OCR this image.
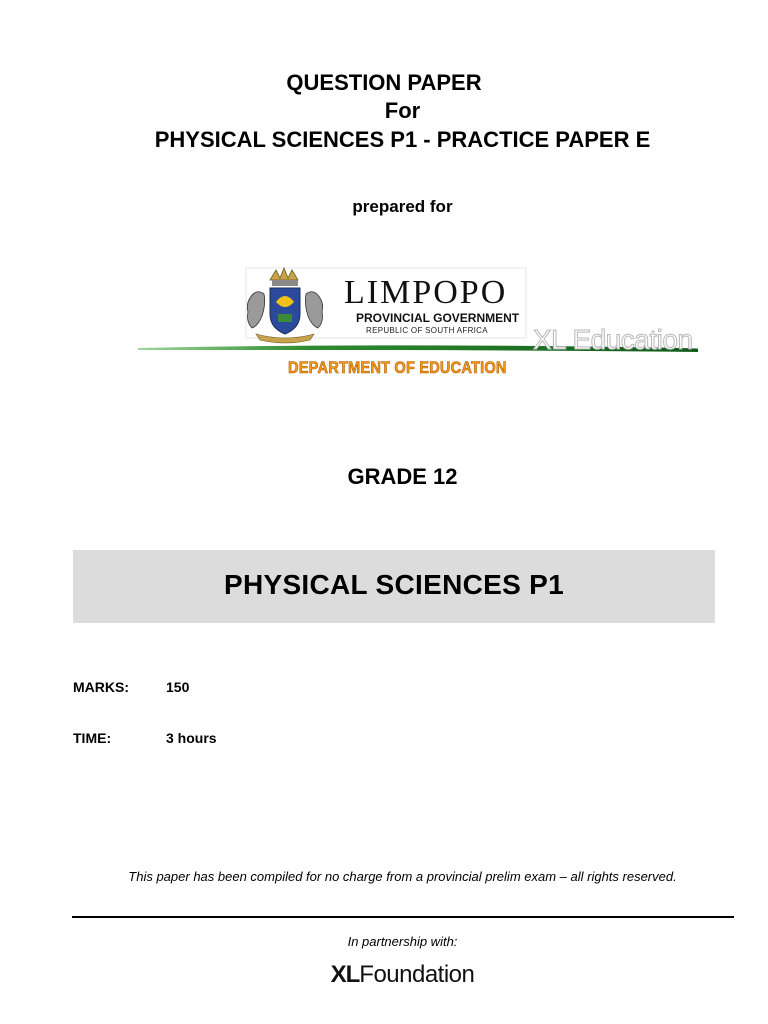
QUESTION PAPER
For
PHYSICAL SCIENCES P1 - PRACTICE PAPER E
prepared for
LIMPOPO
PROVINCIAL GOVERNMENT
REPUBLIC OF SOUTH AFRICA XL Education
DEPARTMENT OF EDUCATION
GRADE 12
PHYSICAL SCIENCES P1
MARKS:	150
TIME:	3 hours
This paper has been compiled for no charge from a provincial prelim exam – all rights reserved.
In partnership with:
XLFoundation
